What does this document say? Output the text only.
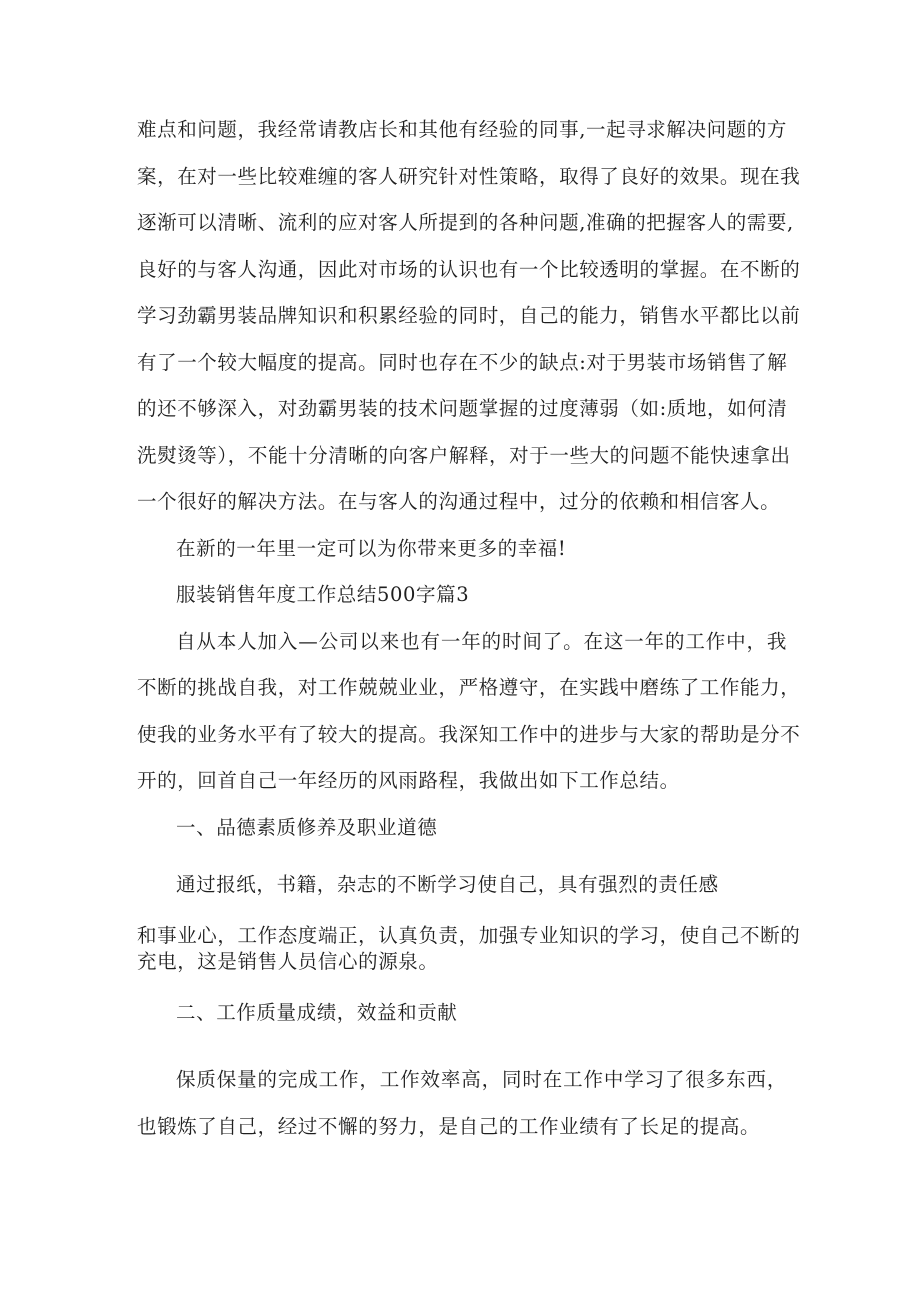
难点和问题，我经常请教店长和其他有经验的同事,一起寻求解决问题的方
案，在对一些比较难缠的客人研究针对性策略，取得了良好的效果。现在我
逐渐可以清晰、流利的应对客人所提到的各种问题,准确的把握客人的需要,
良好的与客人沟通，因此对市场的认识也有一个比较透明的掌握。在不断的
学习劲霸男装品牌知识和积累经验的同时，自己的能力，销售水平都比以前
有了一个较大幅度的提高。同时也存在不少的缺点:对于男装市场销售了解
的还不够深入，对劲霸男装的技术问题掌握的过度薄弱（如:质地，如何清
洗熨烫等），不能十分清晰的向客户解释，对于一些大的问题不能快速拿出
一个很好的解决方法。在与客人的沟通过程中，过分的依赖和相信客人。
在新的一年里一定可以为你带来更多的幸福!
服装销售年度工作总结500字篇3
自从本人加入—公司以来也有一年的时间了。在这一年的工作中，我
不断的挑战自我，对工作兢兢业业，严格遵守，在实践中磨练了工作能力，
使我的业务水平有了较大的提高。我深知工作中的进步与大家的帮助是分不
开的，回首自己一年经历的风雨路程，我做出如下工作总结。
一、品德素质修养及职业道德
通过报纸，书籍，杂志的不断学习使自己，具有强烈的责任感
和事业心，工作态度端正，认真负责，加强专业知识的学习，使自己不断的
充电，这是销售人员信心的源泉。
二、工作质量成绩，效益和贡献
保质保量的完成工作，工作效率高，同时在工作中学习了很多东西，
也锻炼了自己，经过不懈的努力，是自己的工作业绩有了长足的提高。
